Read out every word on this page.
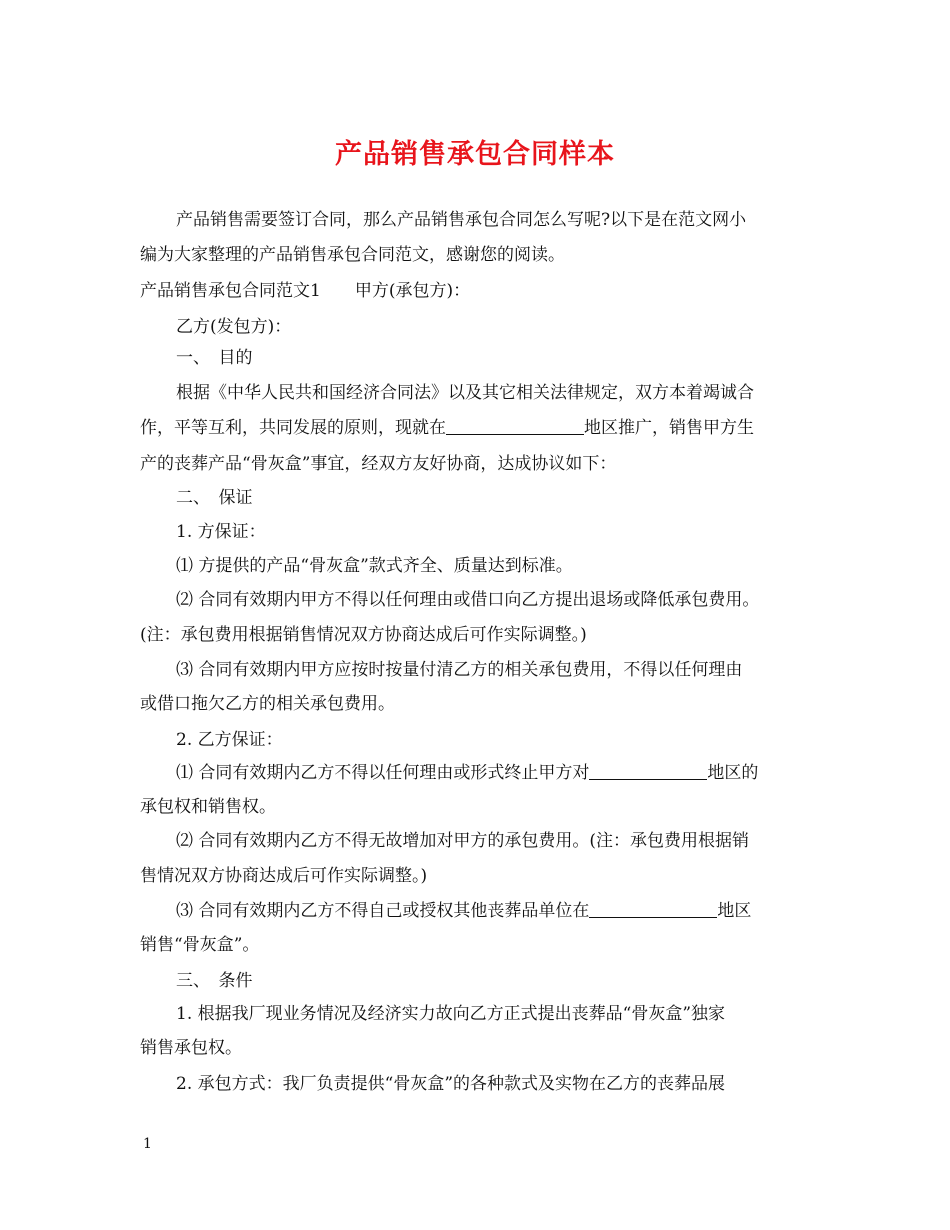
产品销售承包合同样本
产品销售需要签订合同，那么产品销售承包合同怎么写呢?以下是在范文网小
编为大家整理的产品销售承包合同范文，感谢您的阅读。
产品销售承包合同范文1　　甲方(承包方)：
乙方(发包方)：
一、　目的
根据《中华人民共和国经济合同法》以及其它相关法律规定，双方本着竭诚合
作，平等互利，共同发展的原则，现就在	地区推广，销售甲方生
产的丧葬产品“骨灰盒”事宜，经双方友好协商，达成协议如下：
二、　保证
1. 方保证：
⑴ 方提供的产品“骨灰盒”款式齐全、质量达到标准。
⑵ 合同有效期内甲方不得以任何理由或借口向乙方提出退场或降低承包费用。
(注：承包费用根据销售情况双方协商达成后可作实际调整。)
⑶ 合同有效期内甲方应按时按量付清乙方的相关承包费用，不得以任何理由
或借口拖欠乙方的相关承包费用。
2. 乙方保证：
⑴ 合同有效期内乙方不得以任何理由或形式终止甲方对	地区的
承包权和销售权。
⑵ 合同有效期内乙方不得无故增加对甲方的承包费用。(注：承包费用根据销
售情况双方协商达成后可作实际调整。)
⑶ 合同有效期内乙方不得自己或授权其他丧葬品单位在	地区
销售“骨灰盒”。
三、　条件
1. 根据我厂现业务情况及经济实力故向乙方正式提出丧葬品“骨灰盒”独家
销售承包权。
2. 承包方式：我厂负责提供“骨灰盒”的各种款式及实物在乙方的丧葬品展
1
